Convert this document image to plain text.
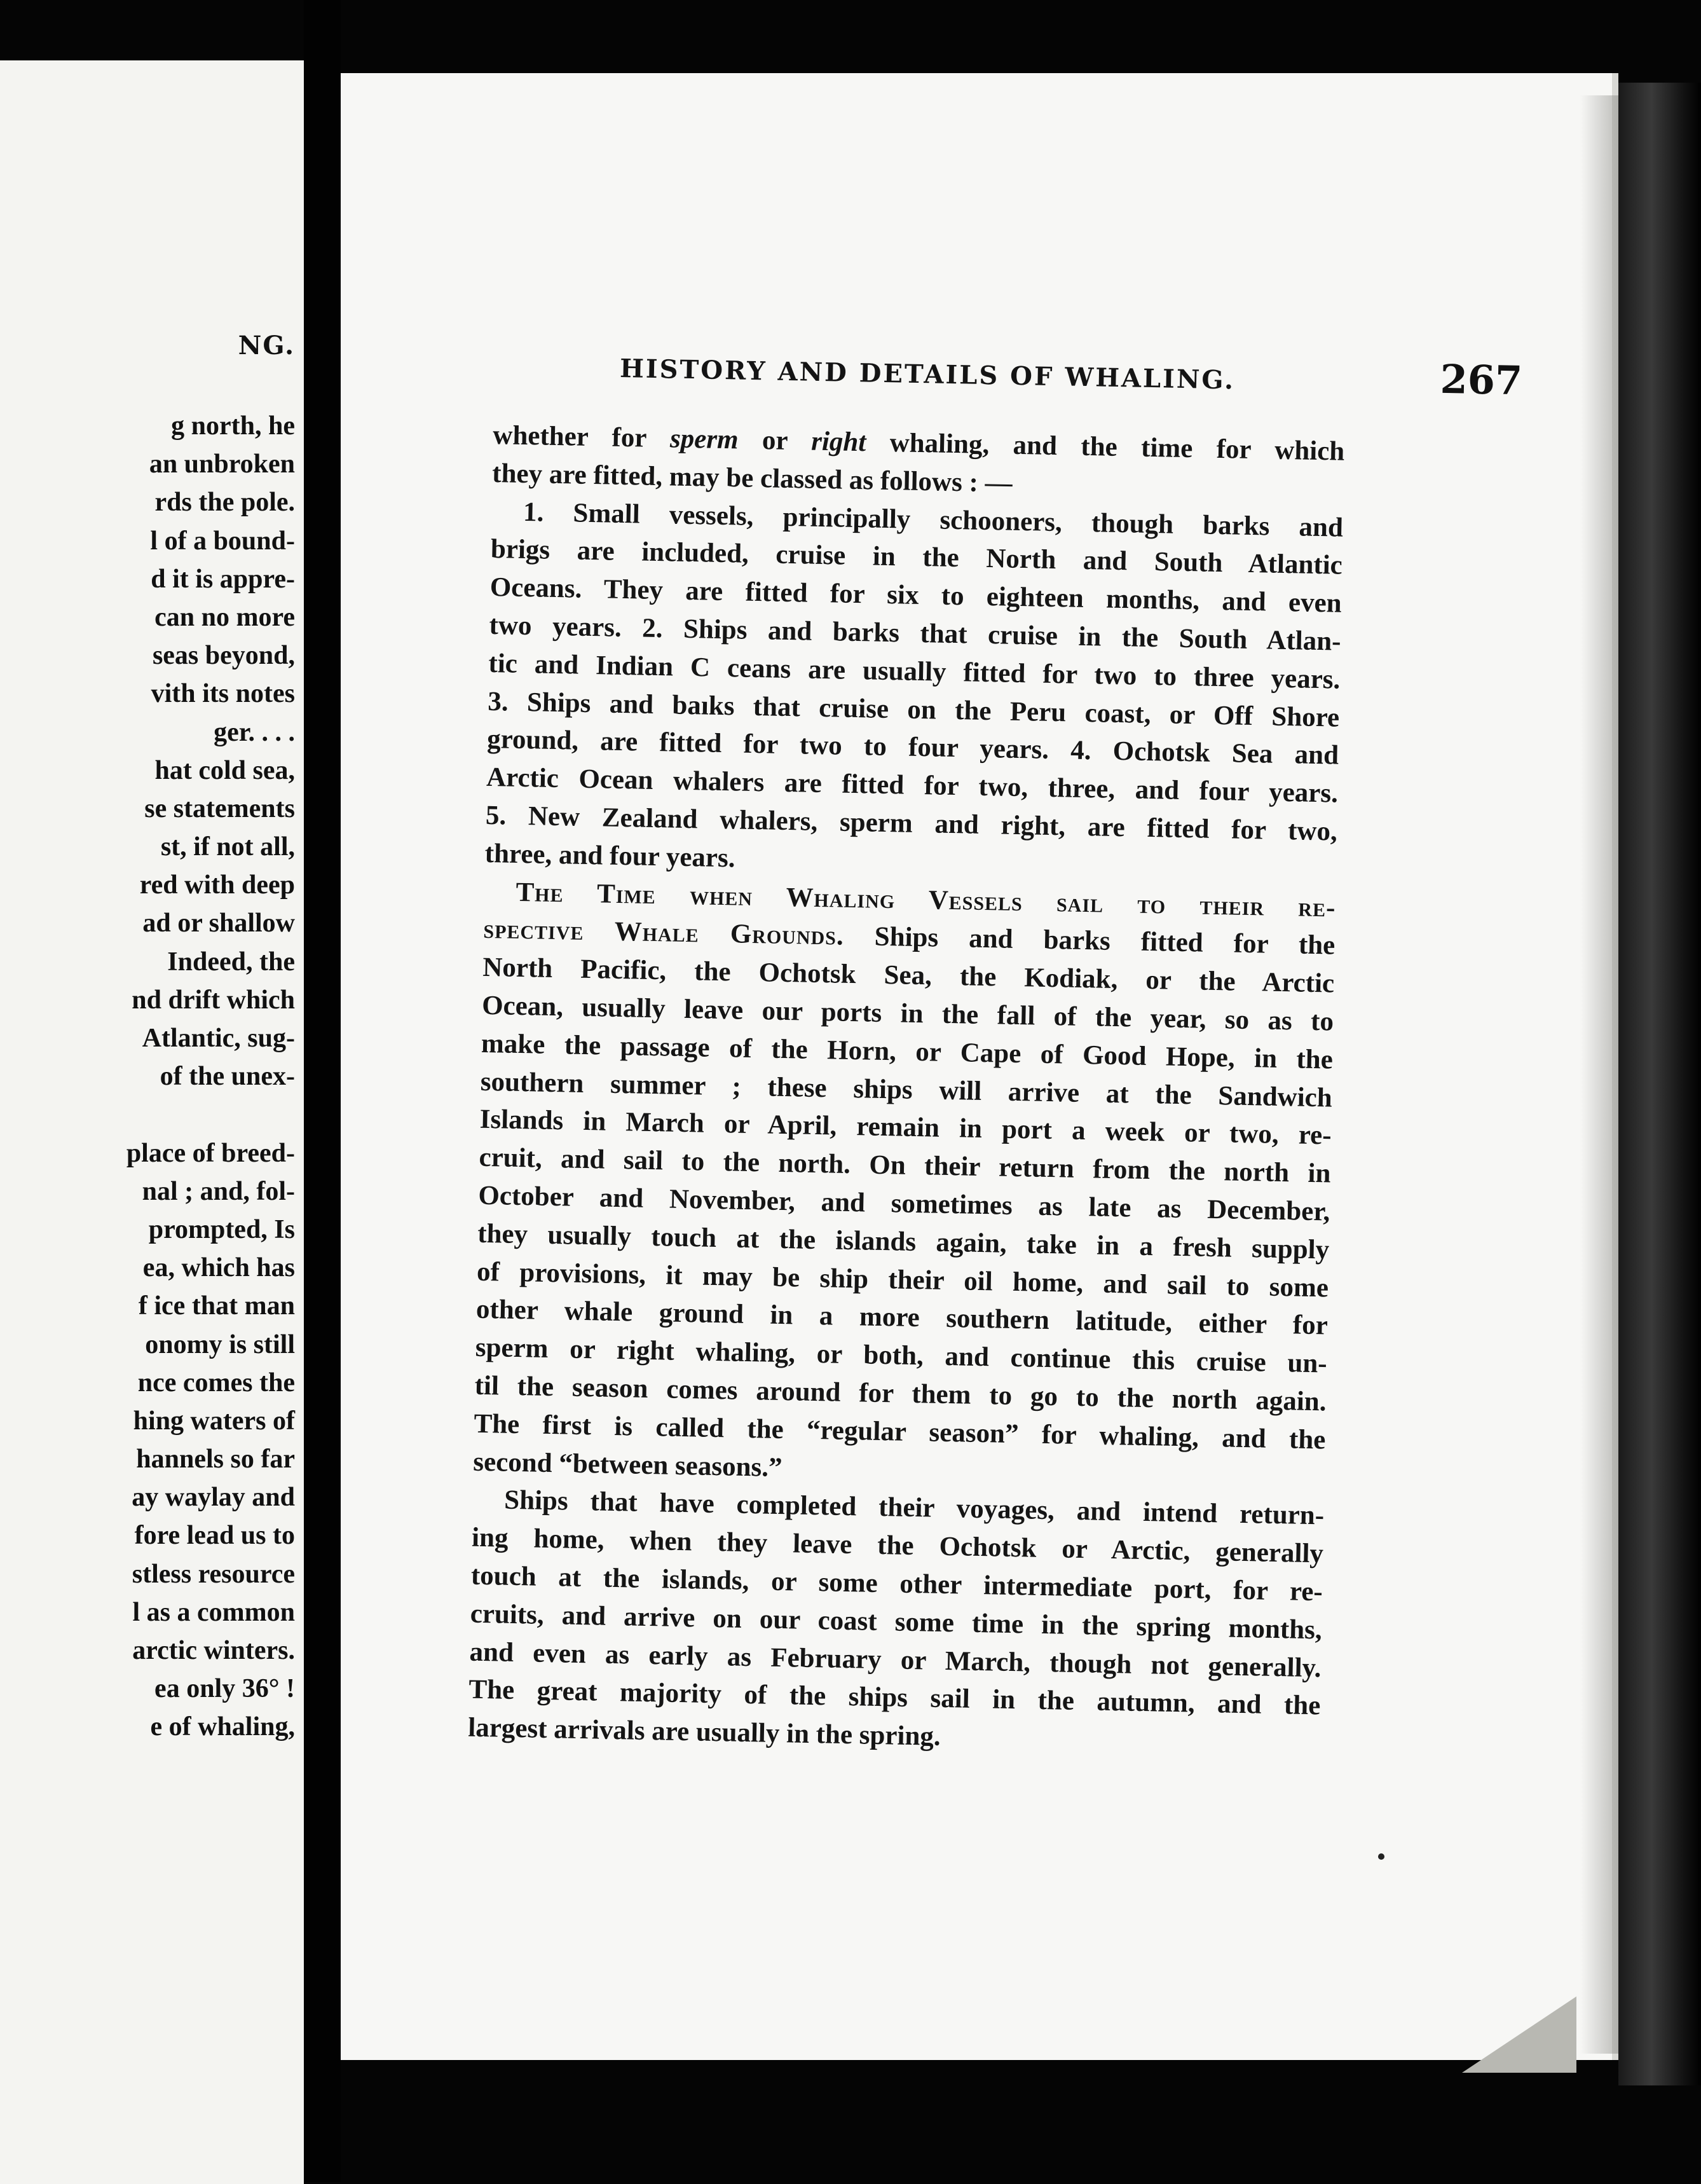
NG.
g north, he
an unbroken
rds the pole.
l of a bound-
d it is appre-
can no more
seas beyond,
vith its notes
ger. . . .
hat cold sea,
se statements
st, if not all,
red with deep
ad or shallow
Indeed, the
nd drift which
Atlantic, sug-
of the unex-
place of breed-
nal ; and, fol-
prompted, Is
ea, which has
f ice that man
onomy is still
nce comes the
hing waters of
hannels so far
ay waylay and
fore lead us to
stless resource
l as a common
arctic winters.
ea only 36° !
e of whaling,
HISTORY AND DETAILS OF WHALING.	267
whether for sperm or right whaling, and the time for which
they are fitted, may be classed as follows : —
1. Small vessels, principally schooners, though barks and
brigs are included, cruise in the North and South Atlantic
Oceans. They are fitted for six to eighteen months, and even
two years. 2. Ships and barks that cruise in the South Atlan-
tic and Indian C ceans are usually fitted for two to three years.
3. Ships and baıks that cruise on the Peru coast, or Off Shore
ground, are fitted for two to four years. 4. Ochotsk Sea and
Arctic Ocean whalers are fitted for two, three, and four years.
5. New Zealand whalers, sperm and right, are fitted for two,
three, and four years.
The Time when Whaling Vessels sail to their re-
spective Whale Grounds. Ships and barks fitted for the
North Pacific, the Ochotsk Sea, the Kodiak, or the Arctic
Ocean, usually leave our ports in the fall of the year, so as to
make the passage of the Horn, or Cape of Good Hope, in the
southern summer ; these ships will arrive at the Sandwich
Islands in March or April, remain in port a week or two, re-
cruit, and sail to the north. On their return from the north in
October and November, and sometimes as late as December,
they usually touch at the islands again, take in a fresh supply
of provisions, it may be ship their oil home, and sail to some
other whale ground in a more southern latitude, either for
sperm or right whaling, or both, and continue this cruise un-
til the season comes around for them to go to the north again.
The first is called the “regular season” for whaling, and the
second “between seasons.”
Ships that have completed their voyages, and intend return-
ing home, when they leave the Ochotsk or Arctic, generally
touch at the islands, or some other intermediate port, for re-
cruits, and arrive on our coast some time in the spring months,
and even as early as February or March, though not generally.
The great majority of the ships sail in the autumn, and the
largest arrivals are usually in the spring.
